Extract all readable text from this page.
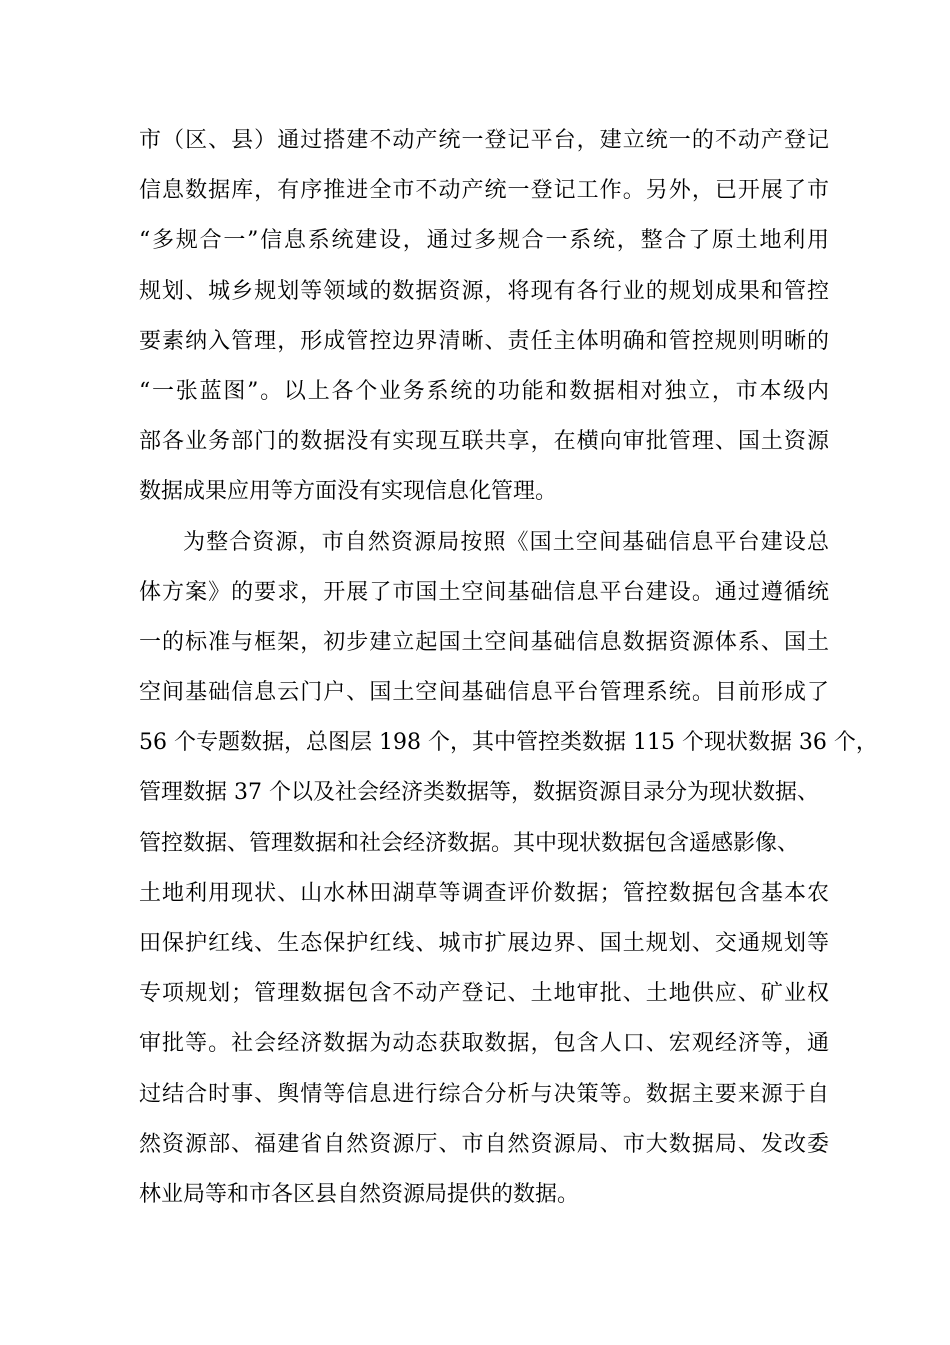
市（区、县）通过搭建不动产统一登记平台，建立统一的不动产登记
信息数据库，有序推进全市不动产统一登记工作。另外，已开展了市
“多规合一”信息系统建设，通过多规合一系统，整合了原土地利用
规划、城乡规划等领域的数据资源，将现有各行业的规划成果和管控
要素纳入管理，形成管控边界清晰、责任主体明确和管控规则明晰的
“一张蓝图”。以上各个业务系统的功能和数据相对独立，市本级内
部各业务部门的数据没有实现互联共享，在横向审批管理、国土资源
数据成果应用等方面没有实现信息化管理。
为整合资源，市自然资源局按照《国土空间基础信息平台建设总
体方案》的要求，开展了市国土空间基础信息平台建设。通过遵循统
一的标准与框架，初步建立起国土空间基础信息数据资源体系、国土
空间基础信息云门户、国土空间基础信息平台管理系统。目前形成了
56 个专题数据，总图层 198 个，其中管控类数据 115 个现状数据 36 个，
管理数据 37 个以及社会经济类数据等，数据资源目录分为现状数据、
管控数据、管理数据和社会经济数据。其中现状数据包含遥感影像、
土地利用现状、山水林田湖草等调查评价数据；管控数据包含基本农
田保护红线、生态保护红线、城市扩展边界、国土规划、交通规划等
专项规划；管理数据包含不动产登记、土地审批、土地供应、矿业权
审批等。社会经济数据为动态获取数据，包含人口、宏观经济等，通
过结合时事、舆情等信息进行综合分析与决策等。数据主要来源于自
然资源部、福建省自然资源厅、市自然资源局、市大数据局、发改委
林业局等和市各区县自然资源局提供的数据。
